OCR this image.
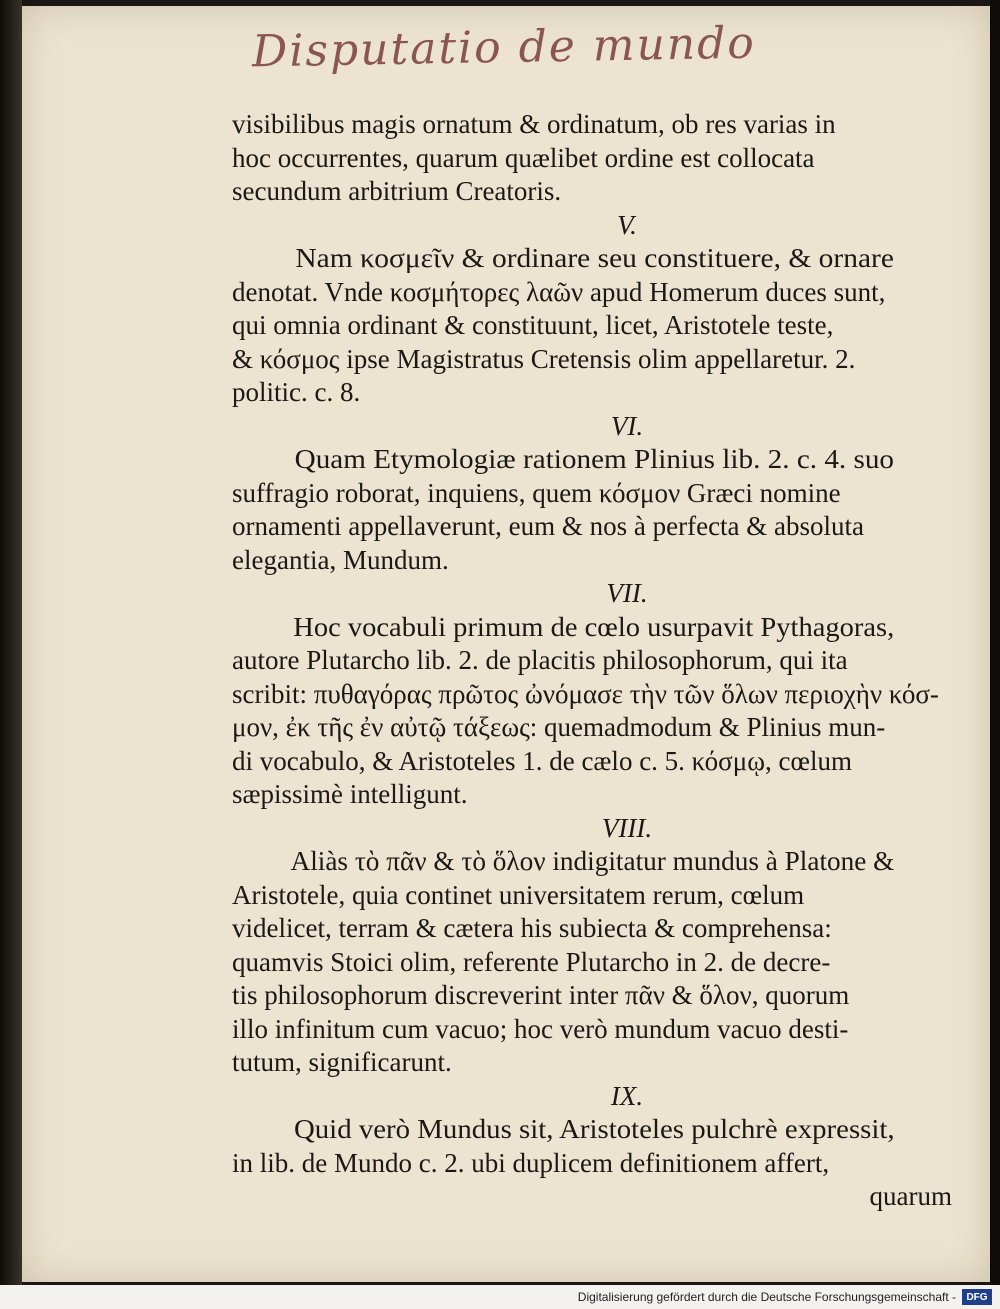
Disputatio de mundo
visibilibus magis ornatum & ordinatum, ob res varias in
hoc occurrentes, quarum quælibet ordine est collocata
secundum arbitrium Creatoris.
V.
Nam κοσμεῖν & ordinare seu constituere, & ornare
denotat. Vnde κοσμήτορες λαῶν apud Homerum duces sunt,
qui omnia ordinant & constituunt, licet, Aristotele teste,
& κόσμος ipse Magistratus Cretensis olim appellaretur. 2.
politic. c. 8.
VI.
Quam Etymologiæ rationem Plinius lib. 2. c. 4. suo
suffragio roborat, inquiens, quem κόσμον Græci nomine
ornamenti appellaverunt, eum & nos à perfecta & absoluta
elegantia, Mundum.
VII.
Hoc vocabuli primum de cœlo usurpavit Pythagoras,
autore Plutarcho lib. 2. de placitis philosophorum, qui ita
scribit: πυθαγόρας πρῶτος ὠνόμασε τὴν τῶν ὅλων περιοχὴν κόσ-
μον, ἐκ τῆς ἐν αὐτῷ τάξεως: quemadmodum & Plinius mun-
di vocabulo, & Aristoteles 1. de cælo c. 5. κόσμῳ, cœlum
sæpissimè intelligunt.
VIII.
Aliàs τὸ πᾶν & τὸ ὅλον indigitatur mundus à Platone &
Aristotele, quia continet universitatem rerum, cœlum
videlicet, terram & cætera his subiecta & comprehensa:
quamvis Stoici olim, referente Plutarcho in 2. de decre-
tis philosophorum discreverint inter πᾶν & ὅλον, quorum
illo infinitum cum vacuo; hoc verò mundum vacuo desti-
tutum, significarunt.
IX.
Quid verò Mundus sit, Aristoteles pulchrè expressit,
in lib. de Mundo c. 2. ubi duplicem definitionem affert,
quarum
Digitalisierung gefördert durch die Deutsche Forschungsgemeinschaft -	DFG
